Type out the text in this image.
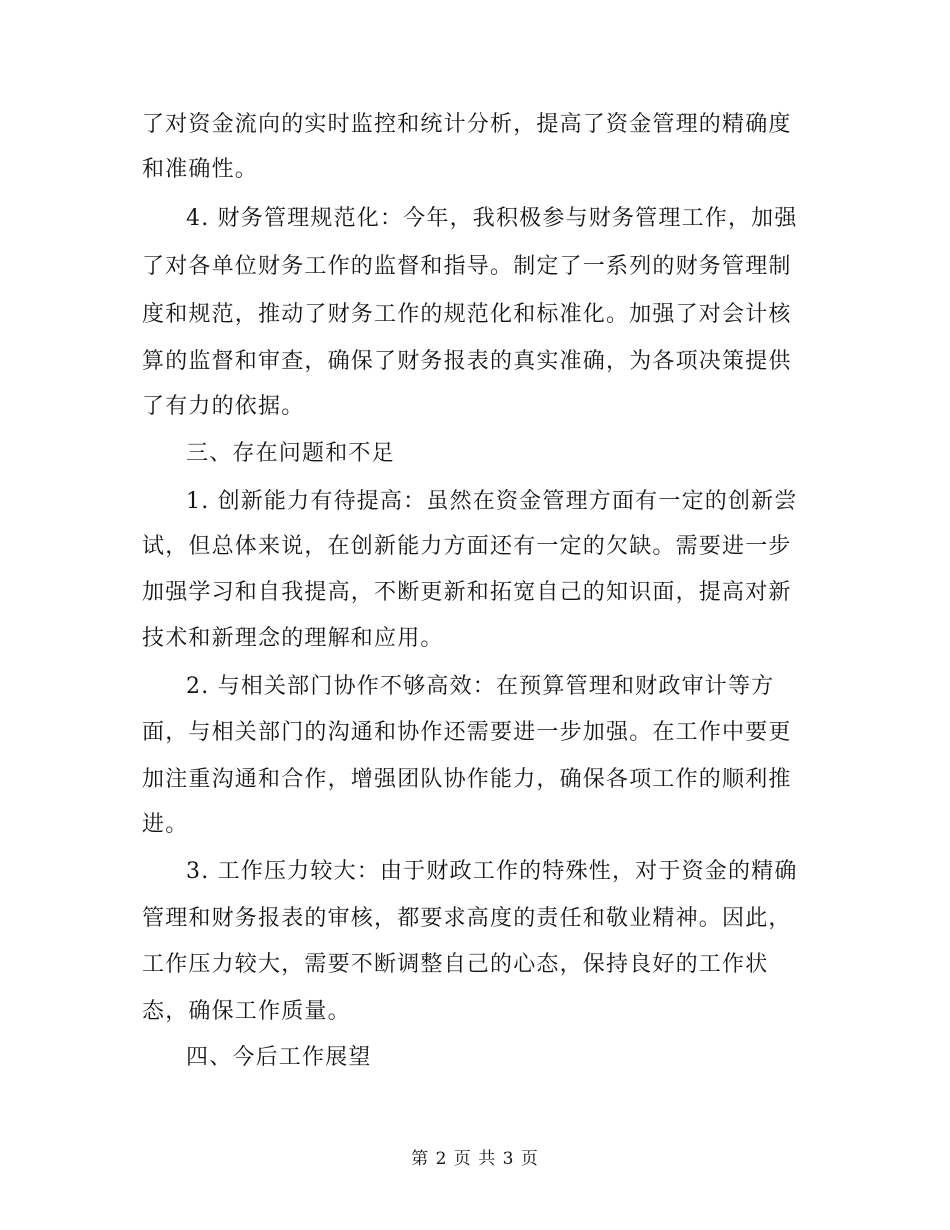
了对资金流向的实时监控和统计分析，提高了资金管理的精确度
和准确性。
4. 财务管理规范化：今年，我积极参与财务管理工作，加强
了对各单位财务工作的监督和指导。制定了一系列的财务管理制
度和规范，推动了财务工作的规范化和标准化。加强了对会计核
算的监督和审查，确保了财务报表的真实准确，为各项决策提供
了有力的依据。
三、存在问题和不足
1. 创新能力有待提高：虽然在资金管理方面有一定的创新尝
试，但总体来说，在创新能力方面还有一定的欠缺。需要进一步
加强学习和自我提高，不断更新和拓宽自己的知识面，提高对新
技术和新理念的理解和应用。
2. 与相关部门协作不够高效：在预算管理和财政审计等方
面，与相关部门的沟通和协作还需要进一步加强。在工作中要更
加注重沟通和合作，增强团队协作能力，确保各项工作的顺利推
进。
3. 工作压力较大：由于财政工作的特殊性，对于资金的精确
管理和财务报表的审核，都要求高度的责任和敬业精神。因此，
工作压力较大，需要不断调整自己的心态，保持良好的工作状
态，确保工作质量。
四、今后工作展望
第 2 页 共 3 页
